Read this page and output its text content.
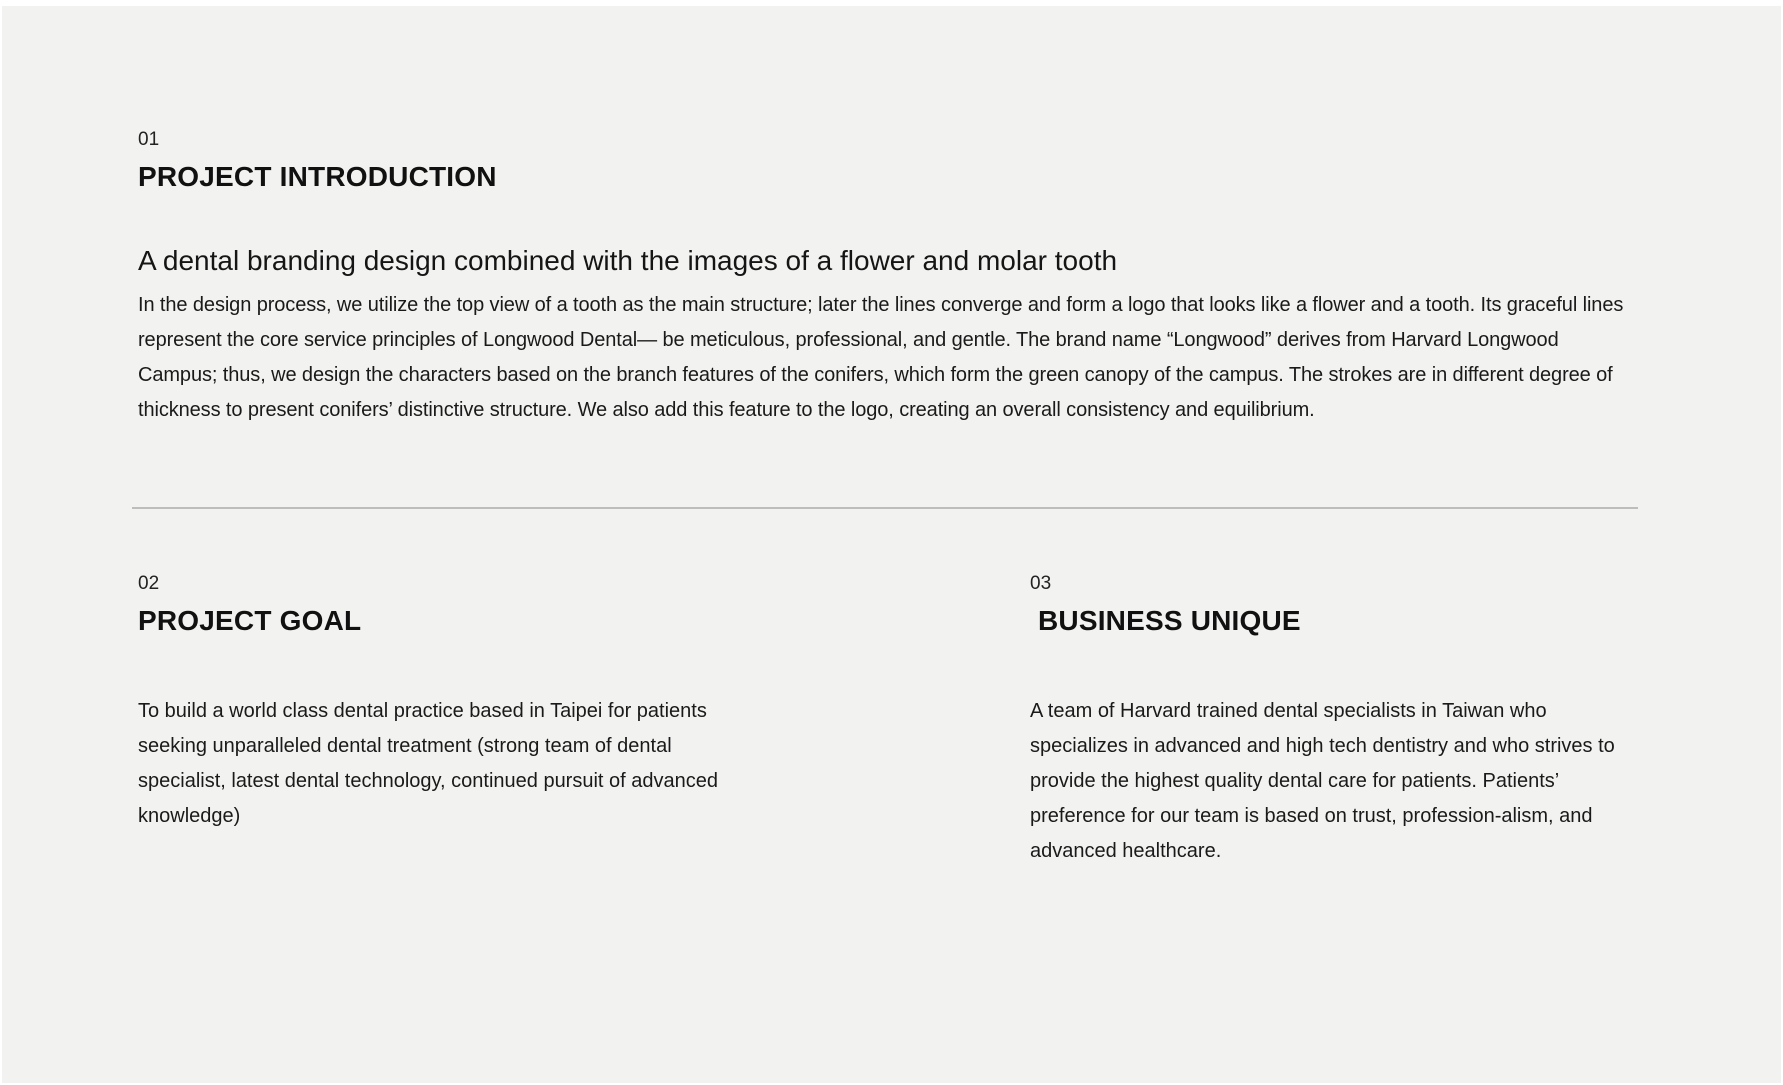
01

PROJECT INTRODUCTION
A dental branding design combined with the images of a flower and molar tooth

In the design process, we utilize the top view of a tooth as the main structure; later the lines converge and form a logo that looks like a flower and a tooth. Its graceful lines represent the core service principles of Longwood Dental— be meticulous, professional, and gentle. The brand name “Longwood” derives from Harvard Longwood Campus; thus, we design the characters based on the branch features of the conifers, which form the green canopy of the campus. The strokes are in different degree of thickness to present conifers’ distinctive structure. We also add this feature to the logo, creating an overall consistency and equilibrium.

02

PROJECT GOAL

To build a world class dental practice based in Taipei for patients seeking unparalleled dental treatment (strong team of dental specialist, latest dental technology, continued pursuit of advanced knowledge)

03

BUSINESS UNIQUE

A team of Harvard trained dental specialists in Taiwan who specializes in advanced and high tech dentistry and who strives to provide the highest quality dental care for patients. Patients’ preference for our team is based on trust, profession-alism, and advanced healthcare.
